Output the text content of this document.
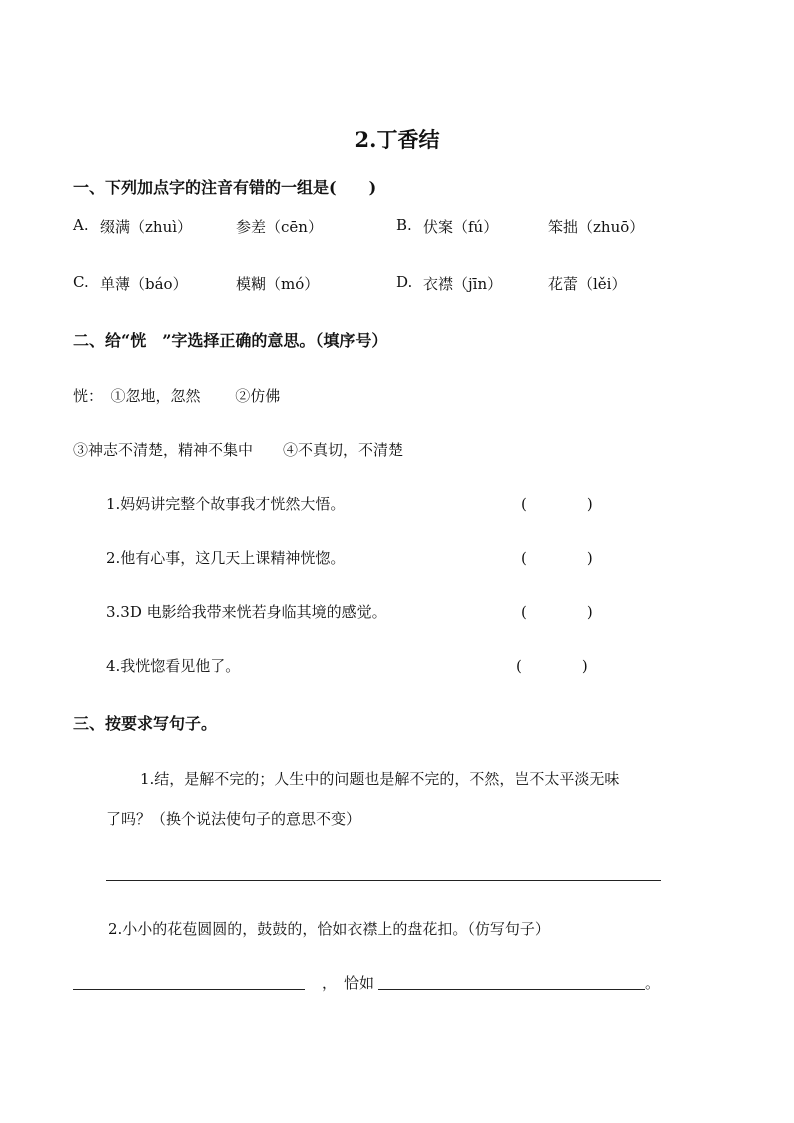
2.丁香结
一、下列加点字的注音有错的一组是(　　)
A. 缀满（zhuì）	参差（cēn）	B. 伏案（fú）	笨拙（zhuō）
C. 单薄（báo）	模糊（mó）	D. 衣襟（jīn）	花蕾（lěi）
二、给“恍　”字选择正确的意思。（填序号）
恍：　①忽地，忽然　　 ②仿佛
③神志不清楚，精神不集中　　④不真切，不清楚
1.妈妈讲完整个故事我才恍然大悟。	(　　　　)
2.他有心事，这几天上课精神恍惚。	(　　　　)
3.3D 电影给我带来恍若身临其境的感觉。	(　　　　)
4.我恍惚看见他了。	(　　　　)
三、按要求写句子。
1.结，是解不完的；人生中的问题也是解不完的，不然，岂不太平淡无味
了吗？（换个说法使句子的意思不变）
2.小小的花苞圆圆的，鼓鼓的，恰如衣襟上的盘花扣。（仿写句子）
， 恰如	。
